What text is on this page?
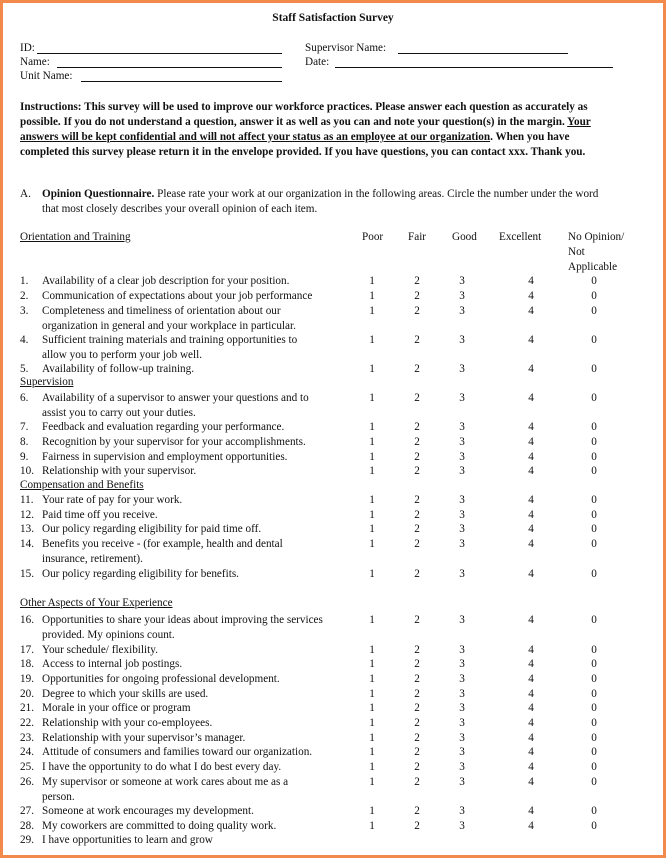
Staff Satisfaction Survey
ID:
Name:
Unit Name:
Supervisor Name:
Date:
Instructions: This survey will be used to improve our workforce practices. Please answer each question as accurately as possible. If you do not understand a question, answer it as well as you can and note your question(s) in the margin. Your answers will be kept confidential and will not affect your status as an employee at our organization. When you have completed this survey please return it in the envelope provided. If you have questions, you can contact xxx. Thank you.
A. Opinion Questionnaire. Please rate your work at our organization in the following areas. Circle the number under the word that most closely describes your overall opinion of each item.
Orientation and Training	Poor Fair Good Excellent No Opinion/
Not
Applicable
Supervision
Compensation and Benefits
Other Aspects of Your Experience
1. Availability of a clear job description for your position.	1	2	3	4	0
2. Communication of expectations about your job performance	1	2	3	4	0
3. Completeness and timeliness of orientation about our
organization in general and your workplace in particular.
1	2	3	4	0
4. Sufficient training materials and training opportunities to
allow you to perform your job well.
1	2	3	4	0
5. Availability of follow-up training.	1	2	3	4	0
6. Availability of a supervisor to answer your questions and to
assist you to carry out your duties.
1	2	3	4	0
7. Feedback and evaluation regarding your performance.	1	2	3	4	0
8. Recognition by your supervisor for your accomplishments.	1	2	3	4	0
9. Fairness in supervision and employment opportunities.	1	2	3	4	0
10. Relationship with your supervisor.	1	2	3	4	0
11. Your rate of pay for your work.	1	2	3	4	0
12. Paid time off you receive.	1	2	3	4	0
13. Our policy regarding eligibility for paid time off.	1	2	3	4	0
14. Benefits you receive - (for example, health and dental
insurance, retirement).
1	2	3	4	0
15. Our policy regarding eligibility for benefits.	1	2	3	4	0
16. Opportunities to share your ideas about improving the services
provided. My opinions count.
1	2	3	4	0
17. Your schedule/ flexibility.	1	2	3	4	0
18. Access to internal job postings.	1	2	3	4	0
19. Opportunities for ongoing professional development.	1	2	3	4	0
20. Degree to which your skills are used.	1	2	3	4	0
21. Morale in your office or program	1	2	3	4	0
22. Relationship with your co-employees.	1	2	3	4	0
23. Relationship with your supervisor’s manager.	1	2	3	4	0
24. Attitude of consumers and families toward our organization.	1	2	3	4	0
25. I have the opportunity to do what I do best every day.	1	2	3	4	0
26. My supervisor or someone at work cares about me as a
person.
1	2	3	4	0
27. Someone at work encourages my development.	1	2	3	4	0
28. My coworkers are committed to doing quality work.	1	2	3	4	0
29. I have opportunities to learn and grow
